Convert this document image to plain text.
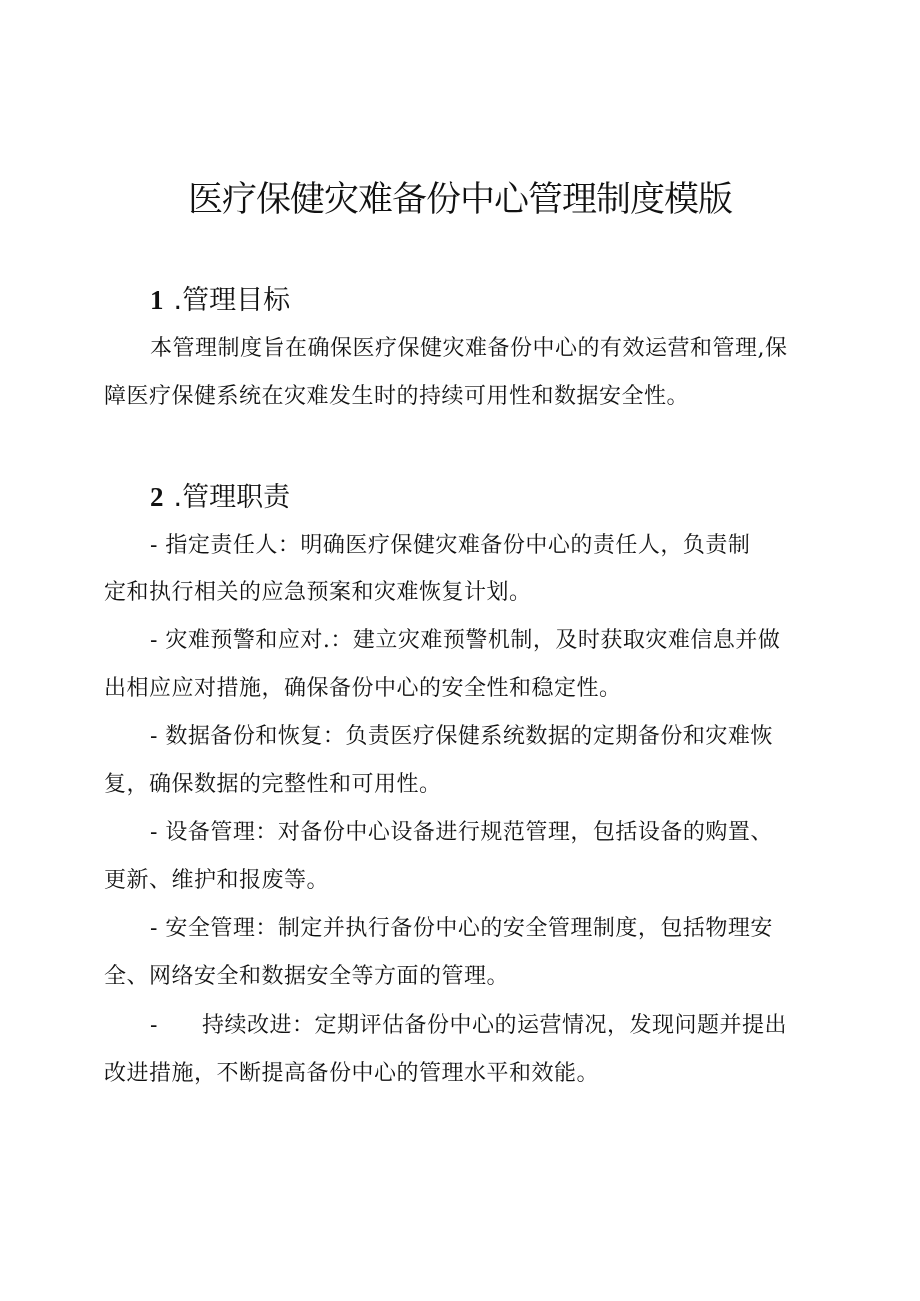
医疗保健灾难备份中心管理制度模版
1 .管理目标

本管理制度旨在确保医疗保健灾难备份中心的有效运营和管理,保

障医疗保健系统在灾难发生时的持续可用性和数据安全性。

2 .管理职责

- 指定责任人：明确医疗保健灾难备份中心的责任人，负责制

定和执行相关的应急预案和灾难恢复计划。

- 灾难预警和应对.：建立灾难预警机制，及时获取灾难信息并做

出相应应对措施，确保备份中心的安全性和稳定性。

- 数据备份和恢复：负责医疗保健系统数据的定期备份和灾难恢

复，确保数据的完整性和可用性。

- 设备管理：对备份中心设备进行规范管理，包括设备的购置、

更新、维护和报废等。

- 安全管理：制定并执行备份中心的安全管理制度，包括物理安

全、网络安全和数据安全等方面的管理。

- 持续改进：定期评估备份中心的运营情况，发现问题并提出

改进措施，不断提高备份中心的管理水平和效能。
